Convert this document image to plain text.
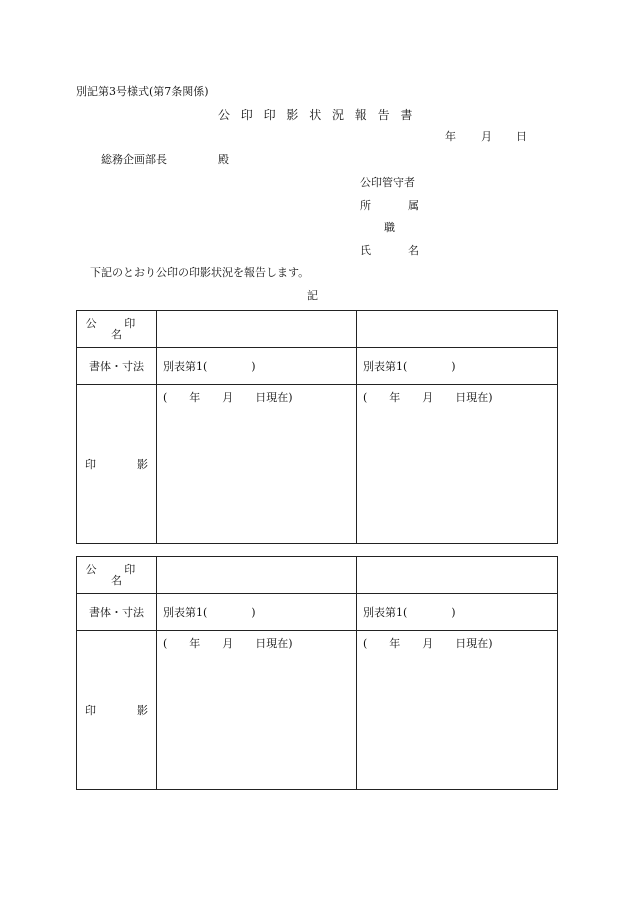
別記第3号様式(第7条関係)
公印印影状況報告書
年 月 日
総務企画部長	殿
公印管守者
所	属
職
氏	名
下記のとおり公印の印影状況を報告します。
記
公 印 名		
書体・寸法	別表第1(　　　　)	別表第1(　　　　)

印 影	(　　年　　月　　日現在)	(　　年　　月　　日現在)
公 印 名		
書体・寸法	別表第1(　　　　)	別表第1(　　　　)

印 影	(　　年　　月　　日現在)	(　　年　　月　　日現在)
